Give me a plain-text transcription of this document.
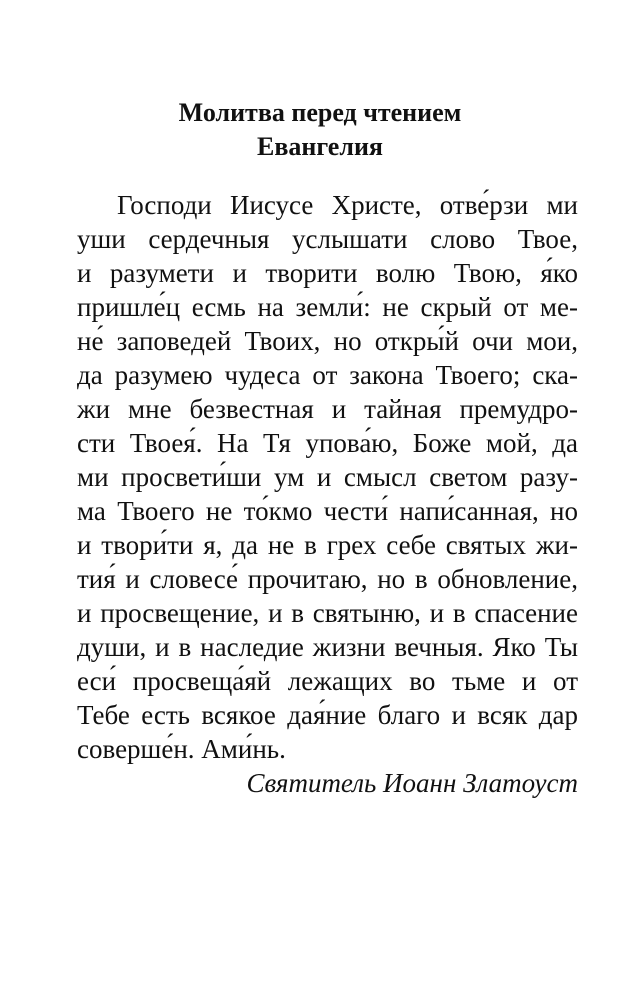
Молитва перед чтением
Евангелия
Господи Иисусе Христе, отве́рзи ми
уши сердечныя услышати слово Твое,
и разумети и творити волю Твою, я́ко
пришле́ц есмь на земли́: не скрый от ме-
не́ заповедей Твоих, но откры́й очи мои,
да разумею чудеса от закона Твоего; ска-
жи мне безвестная и тайная премудро-
сти Твоея́. На Тя упова́ю, Боже мой, да
ми просвети́ши ум и смысл светом разу-
ма Твоего не то́кмо чести́ напи́санная, но
и твори́ти я, да не в грех себе святых жи-
тия́ и словесе́ прочитаю, но в обновление,
и просвещение, и в святыню, и в спасение
души, и в наследие жизни вечныя. Яко Ты
еси́ просвеща́яй лежащих во тьме и от
Тебе есть всякое дая́ние благо и всяк дар
соверше́н. Ами́нь.
Святитель Иоанн Златоуст
